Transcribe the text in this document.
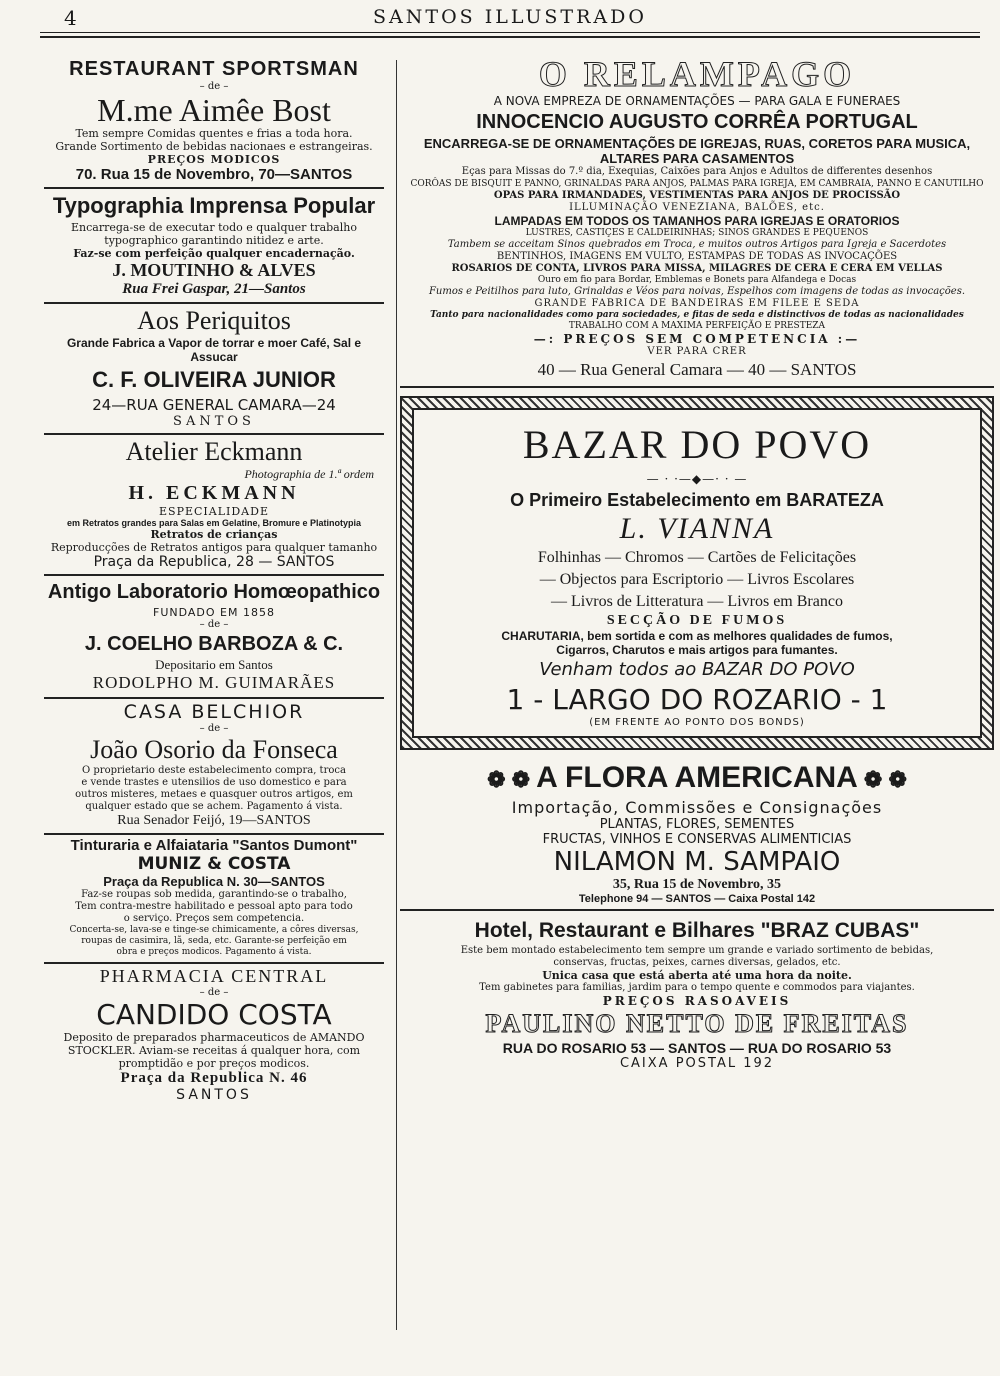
4	SANTOS ILLUSTRADO
RESTAURANT SPORTSMAN
– de –
M.me Aimêe Bost
Tem sempre Comidas quentes e frias a toda hora.
Grande Sortimento de bebidas nacionaes e estrangeiras.
PREÇOS MODICOS
70. Rua 15 de Novembro, 70—SANTOS
Typographia Imprensa Popular
Encarrega-se de executar todo e qualquer trabalho
typographico garantindo nitidez e arte.
Faz-se com perfeição qualquer encadernação.
J. MOUTINHO & ALVES
Rua Frei Gaspar, 21—Santos
Aos Periquitos
Grande Fabrica a Vapor de torrar e moer Café, Sal e Assucar
C. F. OLIVEIRA JUNIOR
24—RUA GENERAL CAMARA—24
SANTOS
Atelier Eckmann
Photographia de 1.ª ordem
H. ECKMANN
ESPECIALIDADE
em Retratos grandes para Salas em Gelatine, Bromure e Platinotypia
Retratos de crianças
Reproducções de Retratos antigos para qualquer tamanho
Praça da Republica, 28 — SANTOS
Antigo Laboratorio Homœopathico
FUNDADO EM 1858
– de –
J. COELHO BARBOZA & C.
Depositario em Santos
RODOLPHO M. GUIMARÃES
CASA BELCHIOR
– de –
João Osorio da Fonseca
O proprietario deste estabelecimento compra, troca
e vende trastes e utensilios de uso domestico e para
outros misteres, metaes e quasquer outros artigos, em
qualquer estado que se achem. Pagamento á vista.
Rua Senador Feijó, 19—SANTOS
Tinturaria e Alfaiataria "Santos Dumont"
MUNIZ & COSTA
Praça da Republica N. 30—SANTOS
Faz-se roupas sob medida, garantindo-se o trabalho,
Tem contra-mestre habilitado e pessoal apto para todo
o serviço. Preços sem competencia.
Concerta-se, lava-se e tinge-se chimicamente, a côres diversas,
roupas de casimira, lã, seda, etc. Garante-se perfeição em
obra e preços modicos. Pagamento á vista.
PHARMACIA CENTRAL
– de –
CANDIDO COSTA
Deposito de preparados pharmaceuticos de AMANDO
STOCKLER. Aviam-se receitas á qualquer hora, com
promptidão e por preços modicos.
Praça da Republica N. 46
SANTOS
O RELAMPAGO
A NOVA EMPREZA DE ORNAMENTAÇÕES — PARA GALA E FUNERAES
INNOCENCIO AUGUSTO CORRÊA PORTUGAL
ENCARREGA-SE DE ORNAMENTAÇÕES DE IGREJAS, RUAS, CORETOS PARA MUSICA,
ALTARES PARA CASAMENTOS
Eças para Missas do 7.º dia, Exequias, Caixões para Anjos e Adultos de differentes desenhos
CORÔAS DE BISQUIT E PANNO, GRINALDAS PARA ANJOS, PALMAS PARA IGREJA, EM CAMBRAIA, PANNO E CANUTILHO
OPAS PARA IRMANDADES, VESTIMENTAS PARA ANJOS DE PROCISSÃO
ILLUMINAÇÃO VENEZIANA, BALÕES, etc.
LAMPADAS EM TODOS OS TAMANHOS PARA IGREJAS E ORATORIOS
LUSTRES, CASTIÇES E CALDEIRINHAS; SINOS GRANDES E PEQUENOS
Tambem se acceitam Sinos quebrados em Troca, e muitos outros Artigos para Igreja e Sacerdotes
BENTINHOS, IMAGENS EM VULTO, ESTAMPAS DE TODAS AS INVOCAÇÕES
ROSARIOS DE CONTA, LIVROS PARA MISSA, MILAGRES DE CERA E CERA EM VELLAS
Ouro em fio para Bordar, Emblemas e Bonets para Alfandega e Docas
Fumos e Peitilhos para luto, Grinaldas e Véos para noivas, Espelhos com imagens de todas as invocações.
GRANDE FABRICA DE BANDEIRAS EM FILEE E SEDA
Tanto para nacionalidades como para sociedades, e fitas de seda e distinctivos de todas as nacionalidades
TRABALHO COM A MAXIMA PERFEIÇÃO E PRESTEZA
—: PREÇOS SEM COMPETENCIA :—
VER PARA CRER
40 — Rua General Camara — 40 — SANTOS
BAZAR DO POVO
— · ·—◆—· · —
O Primeiro Estabelecimento em BARATEZA
L. VIANNA
Folhinhas — Chromos — Cartões de Felicitações
— Objectos para Escriptorio — Livros Escolares
— Livros de Litteratura — Livros em Branco
SECÇÃO DE FUMOS
CHARUTARIA, bem sortida e com as melhores qualidades de fumos,
Cigarros, Charutos e mais artigos para fumantes.
Venham todos ao BAZAR DO POVO
1 - LARGO DO ROZARIO - 1
(EM FRENTE AO PONTO DOS BONDS)
❁ ❁ A FLORA AMERICANA ❁ ❁
Importação, Commissões e Consignações
PLANTAS, FLORES, SEMENTES
FRUCTAS, VINHOS E CONSERVAS ALIMENTICIAS
NILAMON M. SAMPAIO
35, Rua 15 de Novembro, 35
Telephone 94 — SANTOS — Caixa Postal 142
Hotel, Restaurant e Bilhares "BRAZ CUBAS"
Este bem montado estabelecimento tem sempre um grande e variado sortimento de bebidas,
conservas, fructas, peixes, carnes diversas, gelados, etc.
Unica casa que está aberta até uma hora da noite.
Tem gabinetes para familias, jardim para o tempo quente e commodos para viajantes.
PREÇOS RASOAVEIS
PAULINO NETTO DE FREITAS
RUA DO ROSARIO 53 — SANTOS — RUA DO ROSARIO 53
CAIXA POSTAL 192
